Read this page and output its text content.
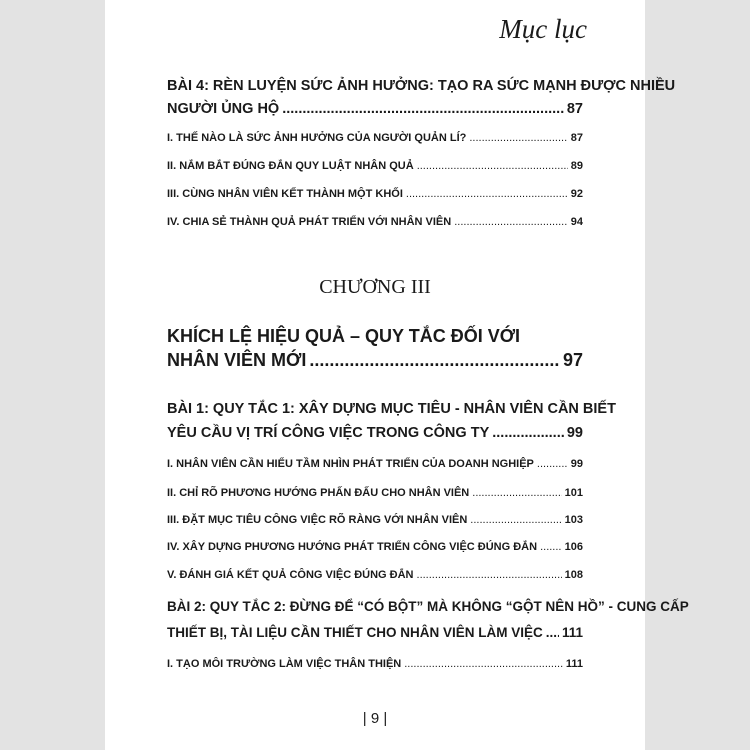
Mục lục
BÀI 4: RÈN LUYỆN SỨC ẢNH HƯỞNG: TẠO RA SỨC MẠNH ĐƯỢC NHIỀU
NGƯỜI ỦNG HỘ .....	87
I. THẾ NÀO LÀ SỨC ẢNH HƯỞNG CỦA NGƯỜI QUẢN LÍ? .....	87
II. NẮM BẮT ĐÚNG ĐẮN QUY LUẬT NHÂN QUẢ .....	89
III. CÙNG NHÂN VIÊN KẾT THÀNH MỘT KHỐI .....	92
IV. CHIA SẺ THÀNH QUẢ PHÁT TRIỂN VỚI NHÂN VIÊN .....	94
CHƯƠNG III
KHÍCH LỆ HIỆU QUẢ – QUY TẮC ĐỐI VỚI
NHÂN VIÊN MỚI .....	97
BÀI 1: QUY TẮC 1: XÂY DỰNG MỤC TIÊU - NHÂN VIÊN CẦN BIẾT
YÊU CẦU VỊ TRÍ CÔNG VIỆC TRONG CÔNG TY .....	99
I. NHÂN VIÊN CẦN HIỂU TẦM NHÌN PHÁT TRIỂN CỦA DOANH NGHIỆP .....	99
II. CHỈ RÕ PHƯƠNG HƯỚNG PHẤN ĐẤU CHO NHÂN VIÊN .....	101
III. ĐẶT MỤC TIÊU CÔNG VIỆC RÕ RÀNG VỚI NHÂN VIÊN .....	103
IV. XÂY DỰNG PHƯƠNG HƯỚNG PHÁT TRIỂN CÔNG VIỆC ĐÚNG ĐẮN .....	106
V. ĐÁNH GIÁ KẾT QUẢ CÔNG VIỆC ĐÚNG ĐẮN .....	108
BÀI 2: QUY TẮC 2: ĐỪNG ĐỂ “CÓ BỘT” MÀ KHÔNG “GỘT NÊN HỒ” - CUNG CẤP
THIẾT BỊ, TÀI LIỆU CẦN THIẾT CHO NHÂN VIÊN LÀM VIỆC ..... 111
I. TẠO MÔI TRƯỜNG LÀM VIỆC THÂN THIỆN .....	111
| 9 |
